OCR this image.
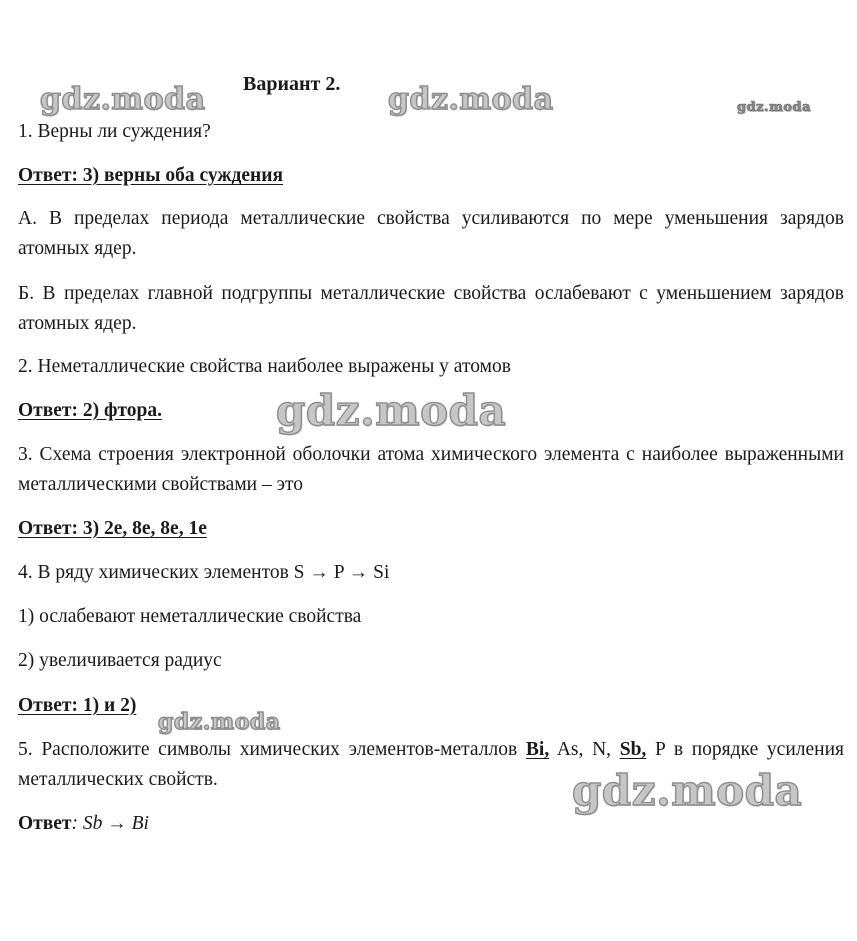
Вариант 2.

1. Верны ли суждения?

Ответ: 3) верны оба суждения

А. В пределах периода металлические свойства усиливаются по мере уменьшения зарядов атомных ядер.

Б. В пределах главной подгруппы металлические свойства ослабевают с уменьшением зарядов атомных ядер.

2. Неметаллические свойства наиболее выражены у атомов

Ответ: 2) фтора.

3. Схема строения электронной оболочки атома химического элемента с наиболее выраженными металлическими свойствами – это

Ответ: 3) 2е, 8е, 8е, 1е

4. В ряду химических элементов S → P → Si

1) ослабевают неметаллические свойства

2) увеличивается радиус

Ответ: 1) и 2)

5. Расположите символы химических элементов-металлов Bi, As, N, Sb, P в порядке усиления металлических свойств.

Ответ: Sb → Bi

gdz.moda	gdz.moda	gdz.moda
gdz.moda
gdz.moda
gdz.moda
